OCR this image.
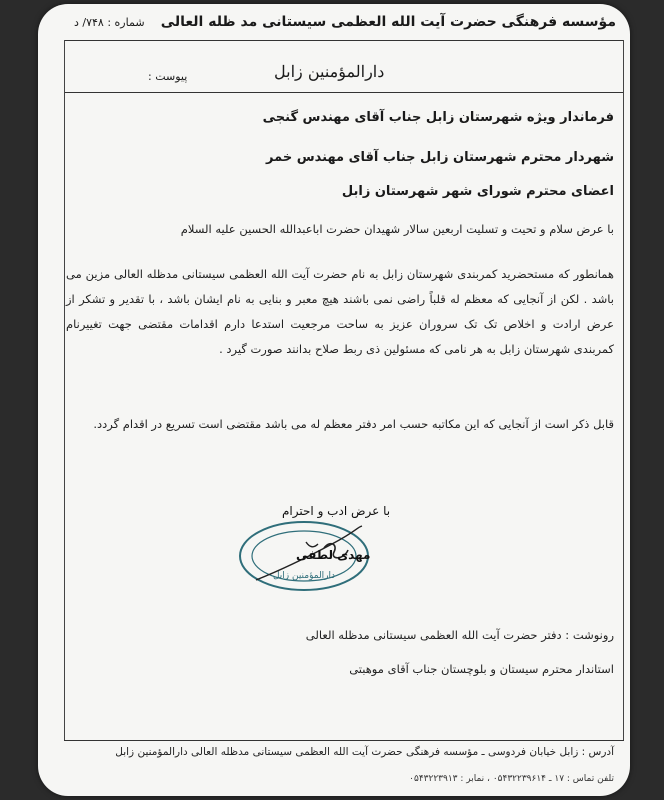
مؤسسه فرهنگی حضرت آیت الله العظمی سیستانی مد ظله العالی
شماره : ۷۴۸/ د
دارالمؤمنین زابل
پیوست :
فرماندار ویژه شهرستان زابل جناب آقای مهندس گنجی
شهردار محترم شهرستان زابل جناب آقای مهندس خمر
اعضای محترم شورای شهر شهرستان زابل
با عرض سلام و تحیت و تسلیت اربعین سالار شهیدان حضرت اباعبدالله الحسین علیه السلام
همانطور که مستحضرید کمربندی شهرستان زابل به نام حضرت آیت الله العظمی سیستانی مدظله العالی مزین می باشد . لکن از آنجایی که معظم له قلباً راضی نمی باشند هیچ معبر و بنایی به نام ایشان باشد ، با تقدیر و تشکر از عرض ارادت و اخلاص تک تک سروران عزیز به ساحت مرجعیت استدعا دارم اقدامات مقتضی جهت تغییرنام کمربندی شهرستان زابل به هر نامی که مسئولین ذی ربط صلاح بدانند صورت گیرد .
قابل ذکر است از آنجایی که این مکاتبه حسب امر دفتر معظم له می باشد مقتضی است تسریع در اقدام گردد.
با عرض ادب و احترام
دارالمؤمنین زابل
مهدی لطفی
رونوشت : دفتر حضرت آیت الله العظمی سیستانی مدظله العالی
استاندار محترم سیستان و بلوچستان جناب آقای موهبتی
آدرس : زابل خیابان فردوسی ـ مؤسسه فرهنگی حضرت آیت الله العظمی سیستانی مدظله العالی دارالمؤمنین زابل
تلفن تماس : ۱۷ ـ ۰۵۴۳۲۲۳۹۶۱۴ ، نمابر : ۰۵۴۳۲۲۳۹۱۳
